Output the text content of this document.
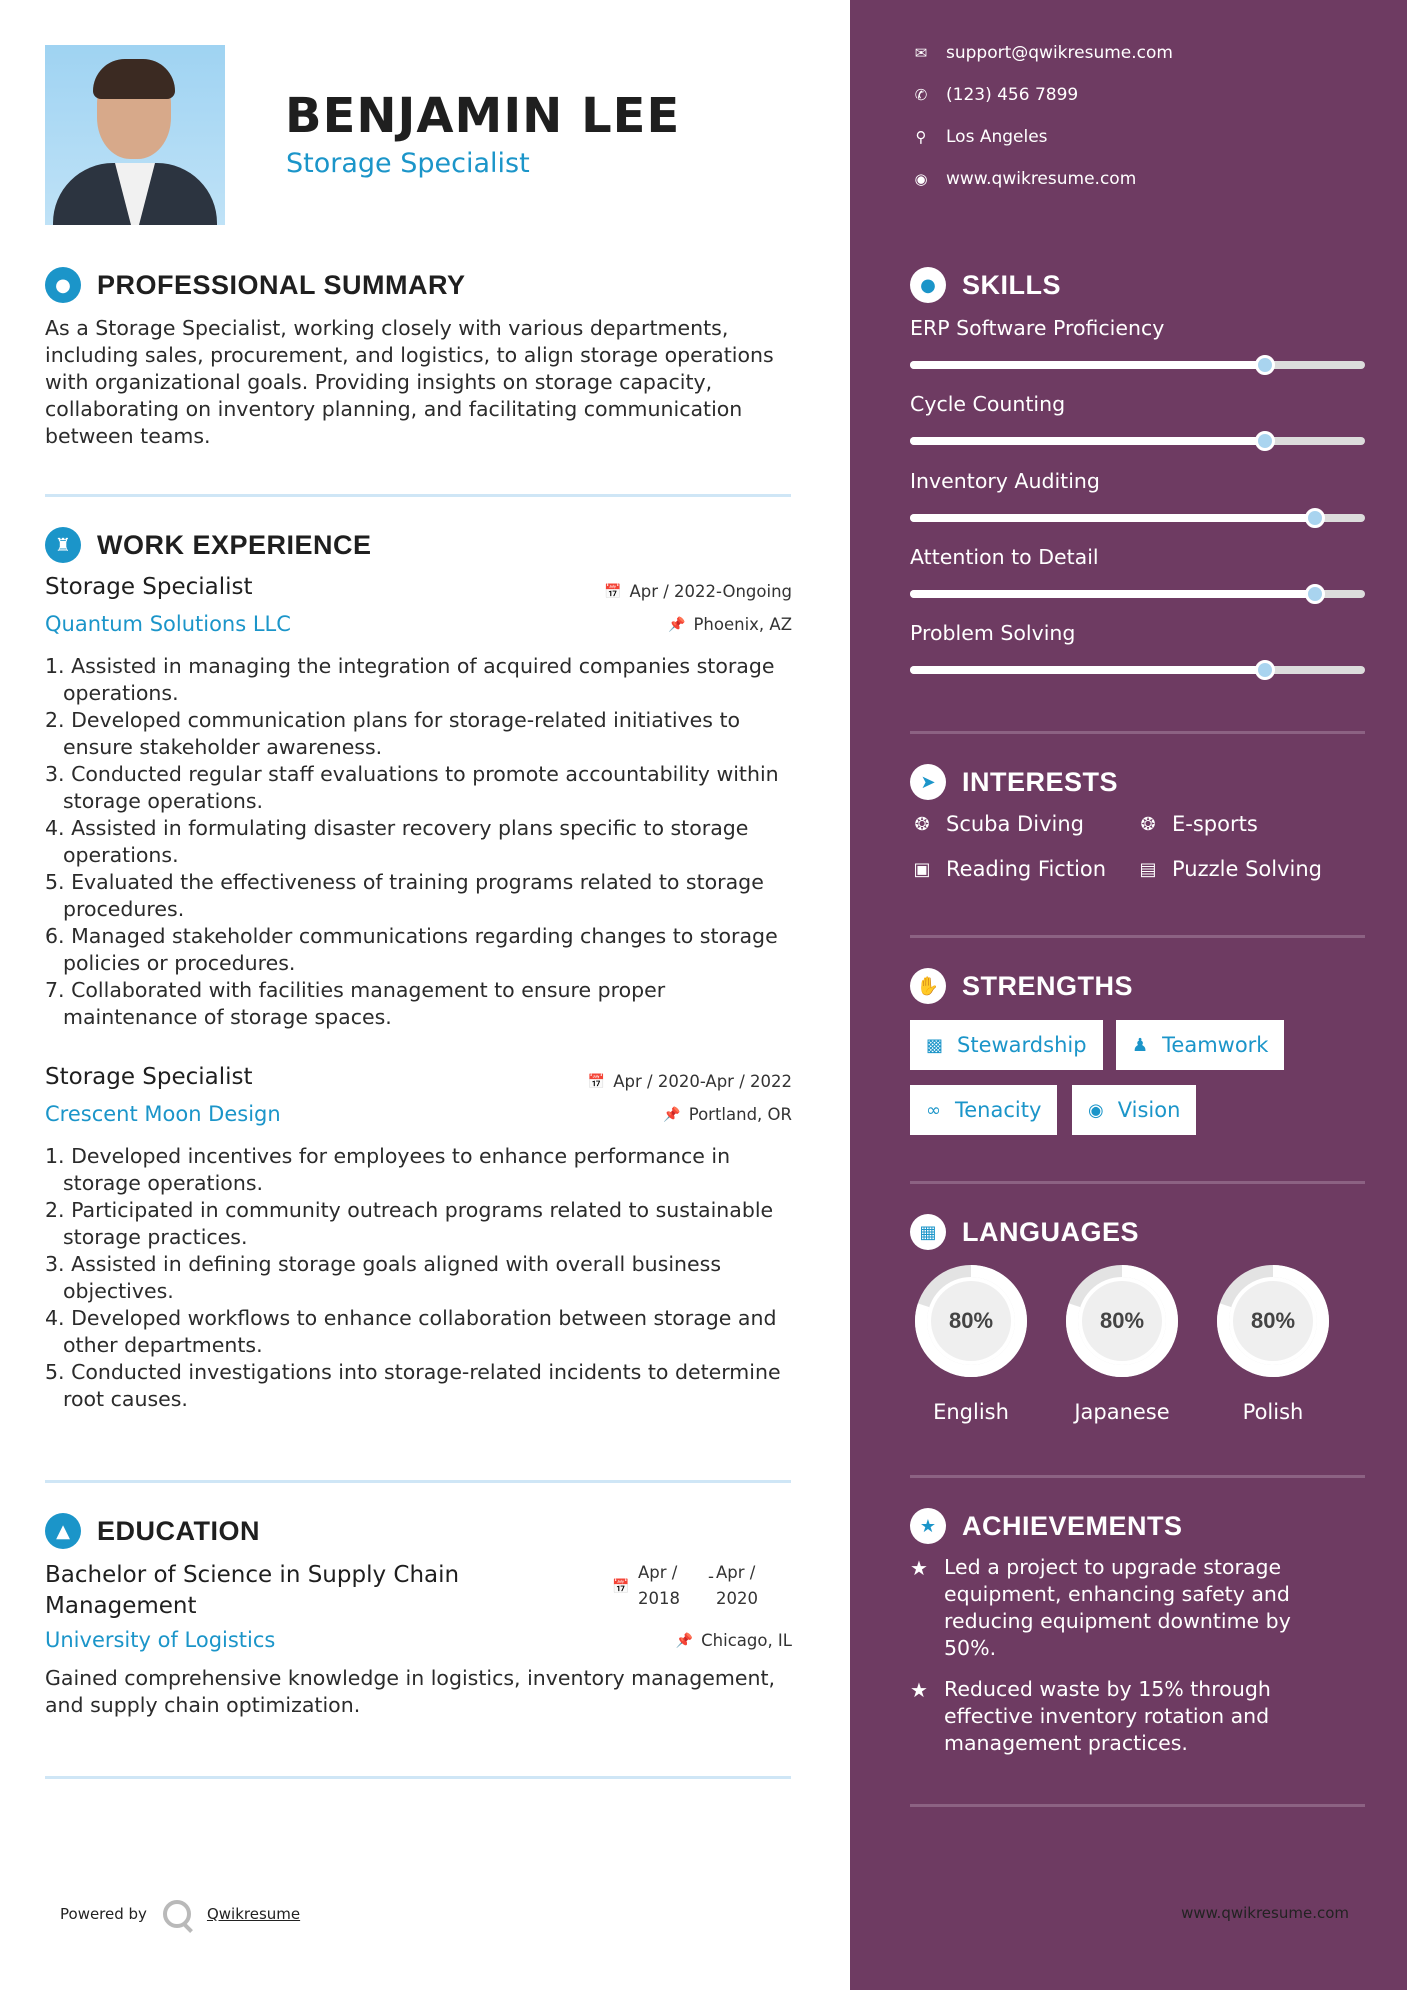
BENJAMIN LEE
Storage Specialist
● PROFESSIONAL SUMMARY
As a Storage Specialist, working closely with various departments, including sales, procurement, and logistics, to align storage operations with organizational goals. Providing insights on storage capacity, collaborating on inventory planning, and facilitating communication between teams.
♜ WORK EXPERIENCE
Storage Specialist	📅 Apr / 2022-Ongoing
Quantum Solutions LLC	📌 Phoenix, AZ
1. Assisted in managing the integration of acquired companies storage operations.
2. Developed communication plans for storage-related initiatives to ensure stakeholder awareness.
3. Conducted regular staff evaluations to promote accountability within storage operations.
4. Assisted in formulating disaster recovery plans specific to storage operations.
5. Evaluated the effectiveness of training programs related to storage procedures.
6. Managed stakeholder communications regarding changes to storage policies or procedures.
7. Collaborated with facilities management to ensure proper maintenance of storage spaces.
Storage Specialist	📅 Apr / 2020-Apr / 2022
Crescent Moon Design	📌 Portland, OR
1. Developed incentives for employees to enhance performance in storage operations.
2. Participated in community outreach programs related to sustainable storage practices.
3. Assisted in defining storage goals aligned with overall business objectives.
4. Developed workflows to enhance collaboration between storage and other departments.
5. Conducted investigations into storage-related incidents to determine root causes.
▲	EDUCATION
Bachelor of Science in Supply Chain Management
📅
Apr / 2018
- Apr / 2020
University of Logistics	📌 Chicago, IL
Gained comprehensive knowledge in logistics, inventory management, and supply chain optimization.
Powered by	Qwikresume
✉ support@qwikresume.com
✆ (123) 456 7899
⚲	Los Angeles
◉ www.qwikresume.com
● SKILLS
ERP Software Proficiency
Cycle Counting
Inventory Auditing
Attention to Detail
Problem Solving
➤ INTERESTS
❂ Scuba Diving	❂ E-sports
▣ Reading Fiction ▤ Puzzle Solving
✋ STRENGTHS
▩ Stewardship	♟ Teamwork
∞ Tenacity	◉ Vision
▦ LANGUAGES
80%
English
80%
Japanese
80%
Polish
★ ACHIEVEMENTS
★ Led a project to upgrade storage equipment, enhancing safety and reducing equipment downtime by 50%.
★ Reduced waste by 15% through effective inventory rotation and management practices.
www.qwikresume.com
